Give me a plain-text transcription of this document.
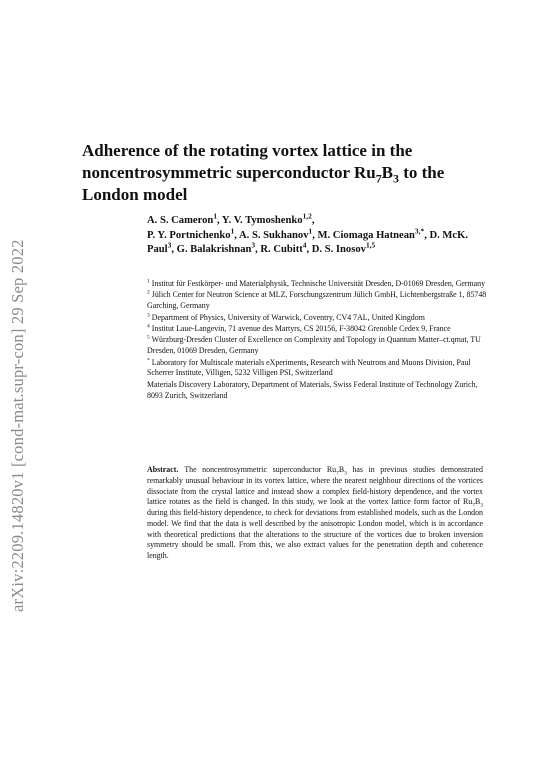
arXiv:2209.14820v1 [cond-mat.supr-con] 29 Sep 2022
Adherence of the rotating vortex lattice in the
noncentrosymmetric superconductor $Ru_7B_3$ to the
London model
A. S. Cameron$^1$, Y. V. Tymoshenko$^{1,2}$,
P. Y. Portnichenko$^1$, A. S. Sukhanov$^1$, M. Ciomaga Hatnean$^{3,*}$, D. McK. Paul$^3$, G. Balakrishnan$^3$, R. Cubitt$^4$, D. S. Inosov$^{1,5}$
$^1$ Institut für Festkörper- und Materialphysik, Technische Universität Dresden, D-01069 Dresden, Germany
$^2$ Jülich Center for Neutron Science at MLZ, Forschungszentrum Jülich GmbH, Lichtenbergstraße 1, 85748 Garching, Germany
$^3$ Department of Physics, University of Warwick, Coventry, CV4 7AL, United Kingdom
$^4$ Institut Laue-Langevin, 71 avenue des Martyrs, CS 20156, F-38042 Grenoble Cedex 9, France
$^5$ Würzburg-Dresden Cluster of Excellence on Complexity and Topology in Quantum Matter–ct.qmat, TU Dresden, 01069 Dresden, Germany
* Laboratory for Multiscale materials eXperiments, Research with Neutrons and Muons Division, Paul Scherrer Institute, Villigen, 5232 Villigen PSI, Switzerland
Materials Discovery Laboratory, Department of Materials, Swiss Federal Institute of Technology Zurich, 8093 Zurich, Switzerland
Abstract. The noncentrosymmetric superconductor $Ru_7B_3$ has in previous studies demonstrated remarkably unusual behaviour in its vortex lattice, where the nearest neighbour directions of the vortices dissociate from the crystal lattice and instead show a complex field-history dependence, and the vortex lattice rotates as the field is changed. In this study, we look at the vortex lattice form factor of $Ru_7B_3$ during this field-history dependence, to check for deviations from established models, such as the London model. We find that the data is well described by the anisotropic London model, which is in accordance with theoretical predictions that the alterations to the structure of the vortices due to broken inversion symmetry should be small. From this, we also extract values for the penetration depth and coherence length.
